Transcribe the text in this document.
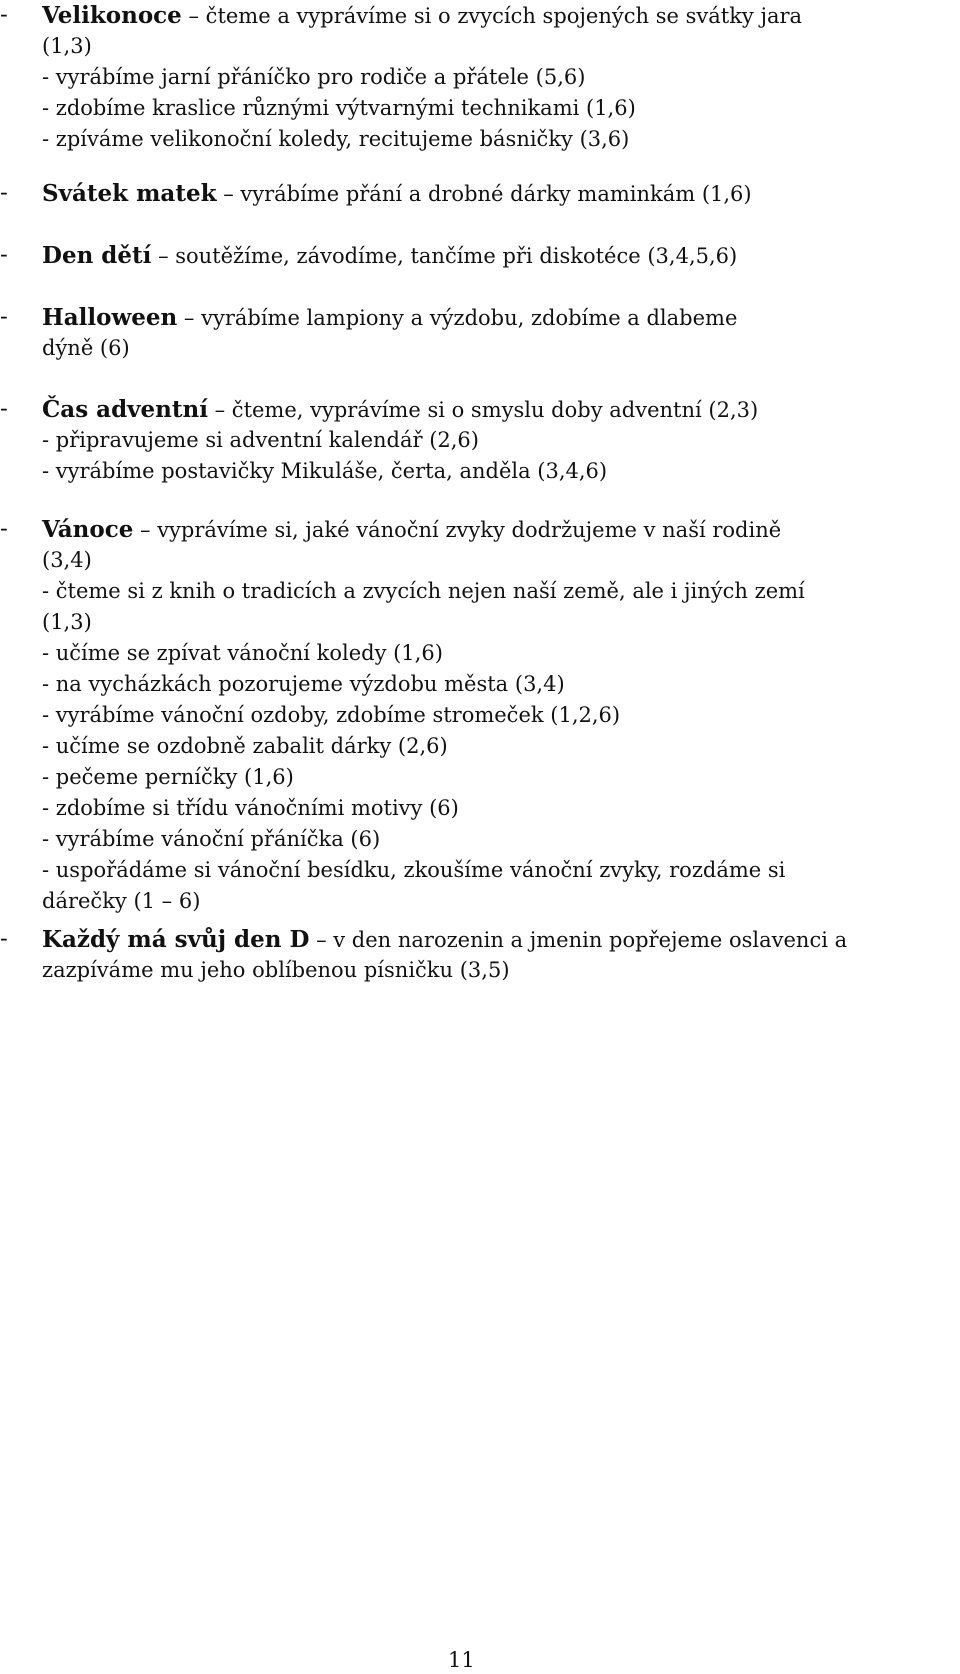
- Velikonoce – čteme a vyprávíme si o zvycích spojených se svátky jara
(1,3)
- vyrábíme jarní přáníčko pro rodiče a přátele (5,6)
- zdobíme kraslice různými výtvarnými technikami (1,6)
- zpíváme velikonoční koledy, recitujeme básničky (3,6)
- Svátek matek – vyrábíme přání a drobné dárky maminkám (1,6)
- Den dětí – soutěžíme, závodíme, tančíme při diskotéce (3,4,5,6)
- Halloween – vyrábíme lampiony a výzdobu, zdobíme a dlabeme
dýně (6)
- Čas adventní – čteme, vyprávíme si o smyslu doby adventní (2,3)
- připravujeme si adventní kalendář (2,6)
- vyrábíme postavičky Mikuláše, čerta, anděla (3,4,6)
- Vánoce – vyprávíme si, jaké vánoční zvyky dodržujeme v naší rodině
(3,4)
- čteme si z knih o tradicích a zvycích nejen naší země, ale i jiných zemí
(1,3)
- učíme se zpívat vánoční koledy (1,6)
- na vycházkách pozorujeme výzdobu města (3,4)
- vyrábíme vánoční ozdoby, zdobíme stromeček (1,2,6)
- učíme se ozdobně zabalit dárky (2,6)
- pečeme perníčky (1,6)
- zdobíme si třídu vánočními motivy (6)
- vyrábíme vánoční přáníčka (6)
- uspořádáme si vánoční besídku, zkoušíme vánoční zvyky, rozdáme si
dárečky (1 – 6)
- Každý má svůj den D – v den narozenin a jmenin popřejeme oslavenci a
zazpíváme mu jeho oblíbenou písničku (3,5)
11
